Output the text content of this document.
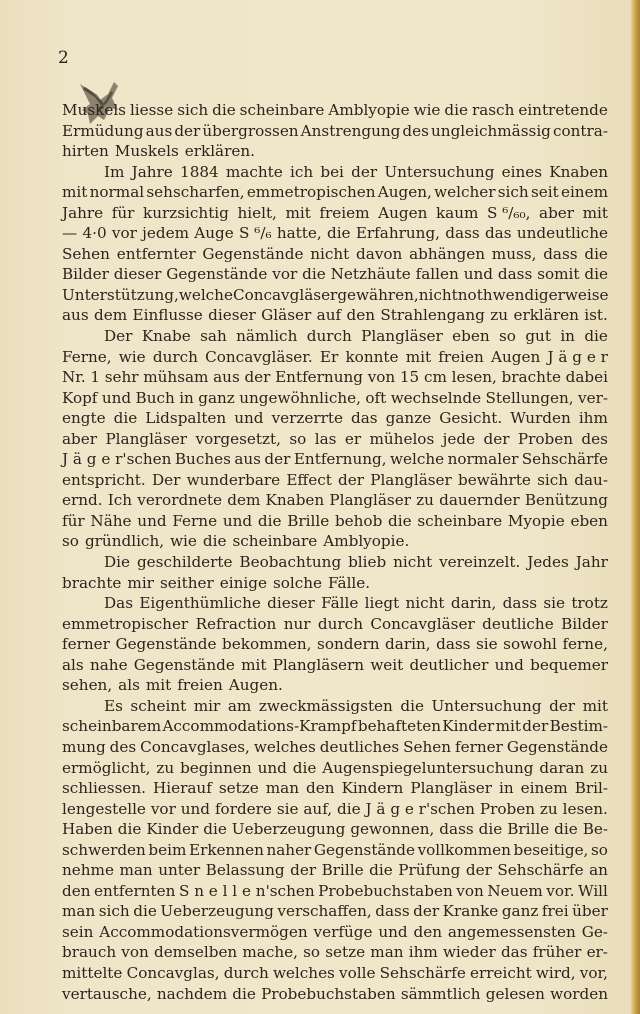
2
Muskels liesse sich die scheinbare Amblyopie wie die rasch eintretende
Ermüdung aus der übergrossen Anstrengung des ungleichmässig contra-
hirten Muskels erklären.
Im Jahre 1884 machte ich bei der Untersuchung eines Knaben
mit normal sehscharfen, emmetropischen Augen, welcher sich seit einem
Jahre für kurzsichtig hielt, mit freiem Augen kaum S ⁶/₆₀, aber mit
— 4·0 vor jedem Auge S ⁶/₆ hatte, die Erfahrung, dass das undeutliche
Sehen entfernter Gegenstände nicht davon abhängen muss, dass die
Bilder dieser Gegenstände vor die Netzhäute fallen und dass somit die
Unterstützung, welche Concavgläser gewähren, nicht nothwendigerweise
aus dem Einflusse dieser Gläser auf den Strahlengang zu erklären ist.
Der Knabe sah nämlich durch Plangläser eben so gut in die
Ferne, wie durch Concavgläser. Er konnte mit freien Augen J ä g e r
Nr. 1 sehr mühsam aus der Entfernung von 15 cm lesen, brachte dabei
Kopf und Buch in ganz ungewöhnliche, oft wechselnde Stellungen, ver-
engte die Lidspalten und verzerrte das ganze Gesicht. Wurden ihm
aber Plangläser vorgesetzt, so las er mühelos jede der Proben des
J ä g e r'schen Buches aus der Entfernung, welche normaler Sehschärfe
entspricht. Der wunderbare Effect der Plangläser bewährte sich dau-
ernd. Ich verordnete dem Knaben Plangläser zu dauernder Benützung
für Nähe und Ferne und die Brille behob die scheinbare Myopie eben
so gründlich, wie die scheinbare Amblyopie.
Die geschilderte Beobachtung blieb nicht vereinzelt. Jedes Jahr
brachte mir seither einige solche Fälle.
Das Eigenthümliche dieser Fälle liegt nicht darin, dass sie trotz
emmetropischer Refraction nur durch Concavgläser deutliche Bilder
ferner Gegenstände bekommen, sondern darin, dass sie sowohl ferne,
als nahe Gegenstände mit Plangläsern weit deutlicher und bequemer
sehen, als mit freien Augen.
Es scheint mir am zweckmässigsten die Untersuchung der mit
scheinbarem Accommodations-Krampf behafteten Kinder mit der Bestim-
mung des Concavglases, welches deutliches Sehen ferner Gegenstände
ermöglicht, zu beginnen und die Augenspiegeluntersuchung daran zu
schliessen. Hierauf setze man den Kindern Plangläser in einem Bril-
lengestelle vor und fordere sie auf, die J ä g e r'schen Proben zu lesen.
Haben die Kinder die Ueberzeugung gewonnen, dass die Brille die Be-
schwerden beim Erkennen naher Gegenstände vollkommen beseitige, so
nehme man unter Belassung der Brille die Prüfung der Sehschärfe an
den entfernten S n e l l e n'schen Probebuchstaben von Neuem vor. Will
man sich die Ueberzeugung verschaffen, dass der Kranke ganz frei über
sein Accommodationsvermögen verfüge und den angemessensten Ge-
brauch von demselben mache, so setze man ihm wieder das früher er-
mittelte Concavglas, durch welches volle Sehschärfe erreicht wird, vor,
vertausche, nachdem die Probebuchstaben sämmtlich gelesen worden
